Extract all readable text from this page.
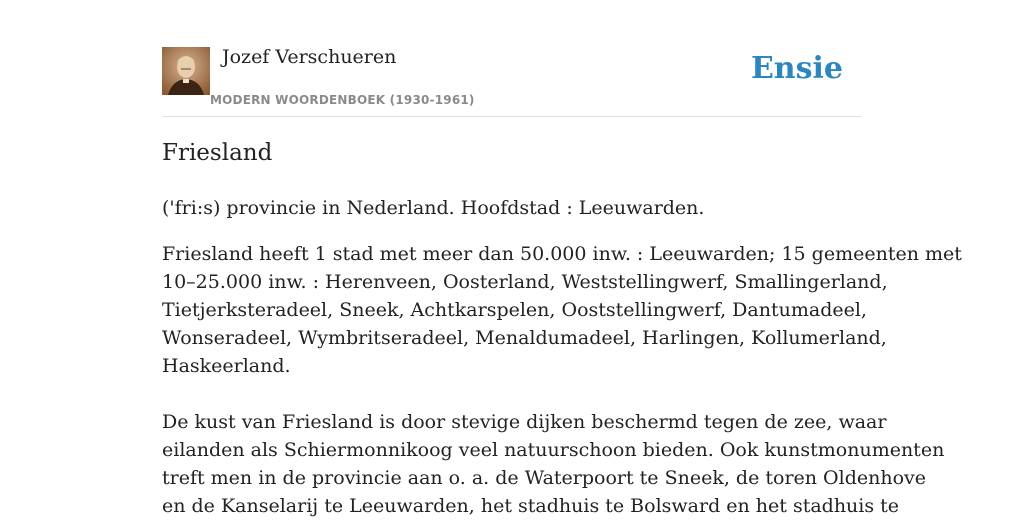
Jozef Verschueren
MODERN WOORDENBOEK (1930-1961)
Ensie
Friesland

('fri:s) provincie in Nederland. Hoofdstad : Leeuwarden.

Friesland heeft 1 stad met meer dan 50.000 inw. : Leeuwarden; 15 gemeenten met
10–25.000 inw. : Herenveen, Oosterland, Weststellingwerf, Smallingerland,
Tietjerksteradeel, Sneek, Achtkarspelen, Ooststellingwerf, Dantumadeel,
Wonseradeel, Wymbritseradeel, Menaldumadeel, Harlingen, Kollumerland,
Haskeerland.

De kust van Friesland is door stevige dijken beschermd tegen de zee, waar
eilanden als Schiermonnikoog veel natuurschoon bieden. Ook kunstmonumenten
treft men in de provincie aan o. a. de Waterpoort te Sneek, de toren Oldenhove
en de Kanselarij te Leeuwarden, het stadhuis te Bolsward en het stadhuis te
